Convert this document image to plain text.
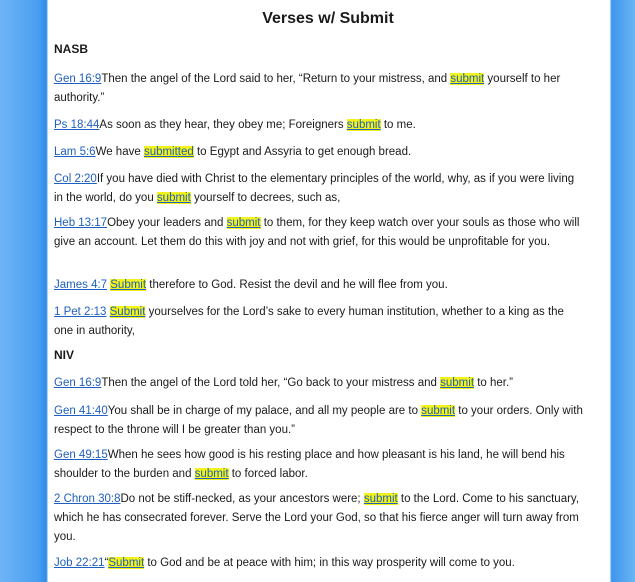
Verses w/ Submit
NASB
Gen 16:9Then the angel of the Lord said to her, “Return to your mistress, and submit yourself to her authority.”
Ps 18:44As soon as they hear, they obey me; Foreigners submit to me.
Lam 5:6We have submitted to Egypt and Assyria to get enough bread.
Col 2:20If you have died with Christ to the elementary principles of the world, why, as if you were living in the world, do you submit yourself to decrees, such as,
Heb 13:17Obey your leaders and submit to them, for they keep watch over your souls as those who will give an account. Let them do this with joy and not with grief, for this would be unprofitable for you.
James 4:7 Submit therefore to God. Resist the devil and he will flee from you.
1 Pet 2:13 Submit yourselves for the Lord’s sake to every human institution, whether to a king as the one in authority,
NIV
Gen 16:9Then the angel of the Lord told her, “Go back to your mistress and submit to her.”
Gen 41:40You shall be in charge of my palace, and all my people are to submit to your orders. Only with respect to the throne will I be greater than you.”
Gen 49:15When he sees how good is his resting place and how pleasant is his land, he will bend his shoulder to the burden and submit to forced labor.
2 Chron 30:8Do not be stiff-necked, as your ancestors were; submit to the Lord. Come to his sanctuary, which he has consecrated forever. Serve the Lord your God, so that his fierce anger will turn away from you.
Job 22:21“Submit to God and be at peace with him; in this way prosperity will come to you.
